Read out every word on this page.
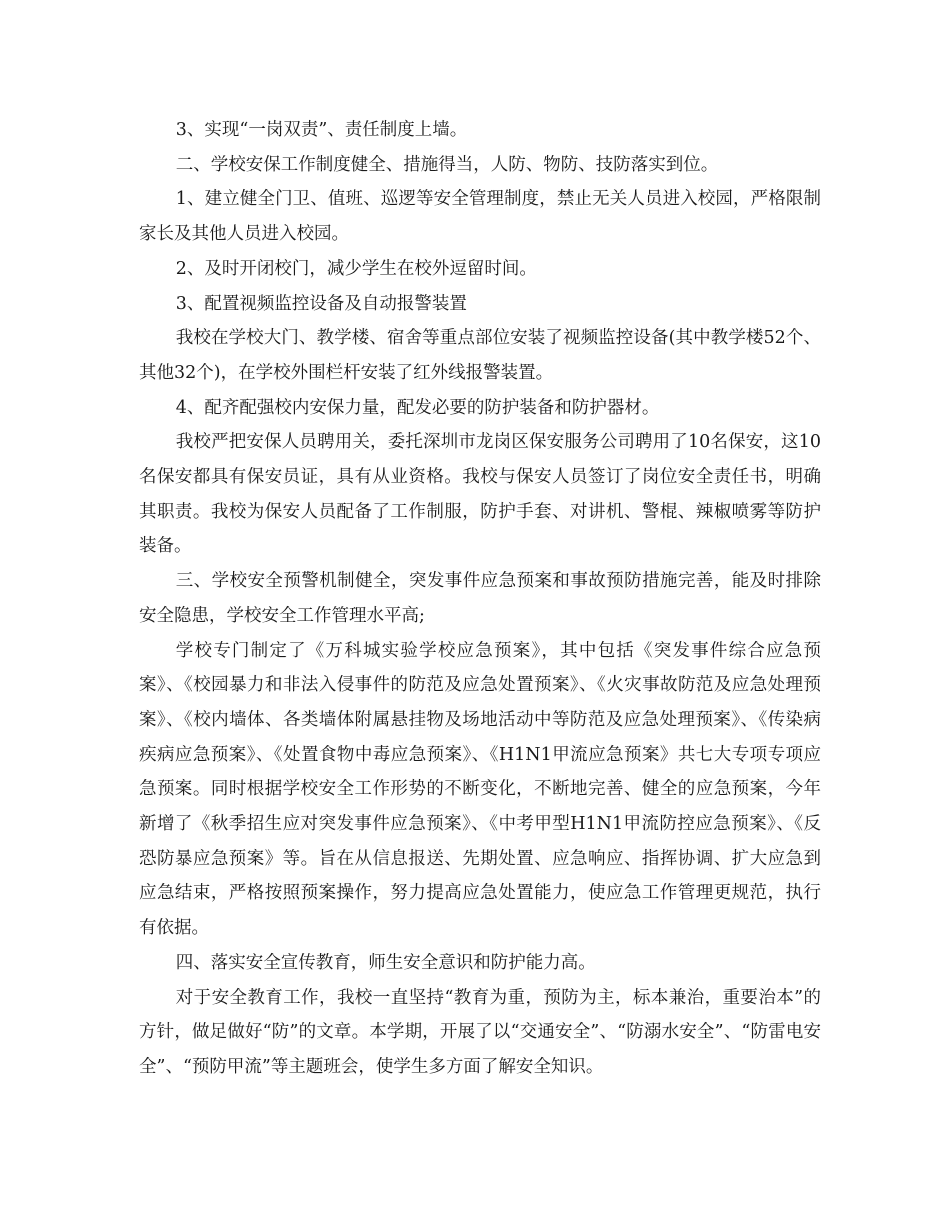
3、实现“一岗双责”、责任制度上墙。

二、学校安保工作制度健全、措施得当，人防、物防、技防落实到位。

1、建立健全门卫、值班、巡逻等安全管理制度，禁止无关人员进入校园，严格限制家长及其他人员进入校园。

2、及时开闭校门，减少学生在校外逗留时间。

3、配置视频监控设备及自动报警装置

我校在学校大门、教学楼、宿舍等重点部位安装了视频监控设备(其中教学楼52个、其他32个)，在学校外围栏杆安装了红外线报警装置。

4、配齐配强校内安保力量，配发必要的防护装备和防护器材。

我校严把安保人员聘用关，委托深圳市龙岗区保安服务公司聘用了10名保安，这10名保安都具有保安员证，具有从业资格。我校与保安人员签订了岗位安全责任书，明确其职责。我校为保安人员配备了工作制服，防护手套、对讲机、警棍、辣椒喷雾等防护装备。

三、学校安全预警机制健全，突发事件应急预案和事故预防措施完善，能及时排除安全隐患，学校安全工作管理水平高;

学校专门制定了《万科城实验学校应急预案》，其中包括《突发事件综合应急预案》、《校园暴力和非法入侵事件的防范及应急处置预案》、《火灾事故防范及应急处理预案》、《校内墙体、各类墙体附属悬挂物及场地活动中等防范及应急处理预案》、《传染病疾病应急预案》、《处置食物中毒应急预案》、《H1N1甲流应急预案》共七大专项专项应急预案。同时根据学校安全工作形势的不断变化，不断地完善、健全的应急预案，今年新增了《秋季招生应对突发事件应急预案》、《中考甲型H1N1甲流防控应急预案》、《反恐防暴应急预案》等。旨在从信息报送、先期处置、应急响应、指挥协调、扩大应急到应急结束，严格按照预案操作，努力提高应急处置能力，使应急工作管理更规范，执行有依据。

四、落实安全宣传教育，师生安全意识和防护能力高。

对于安全教育工作，我校一直坚持“教育为重，预防为主，标本兼治，重要治本”的方针，做足做好“防”的文章。本学期，开展了以“交通安全”、“防溺水安全”、“防雷电安全”、“预防甲流”等主题班会，使学生多方面了解安全知识。
